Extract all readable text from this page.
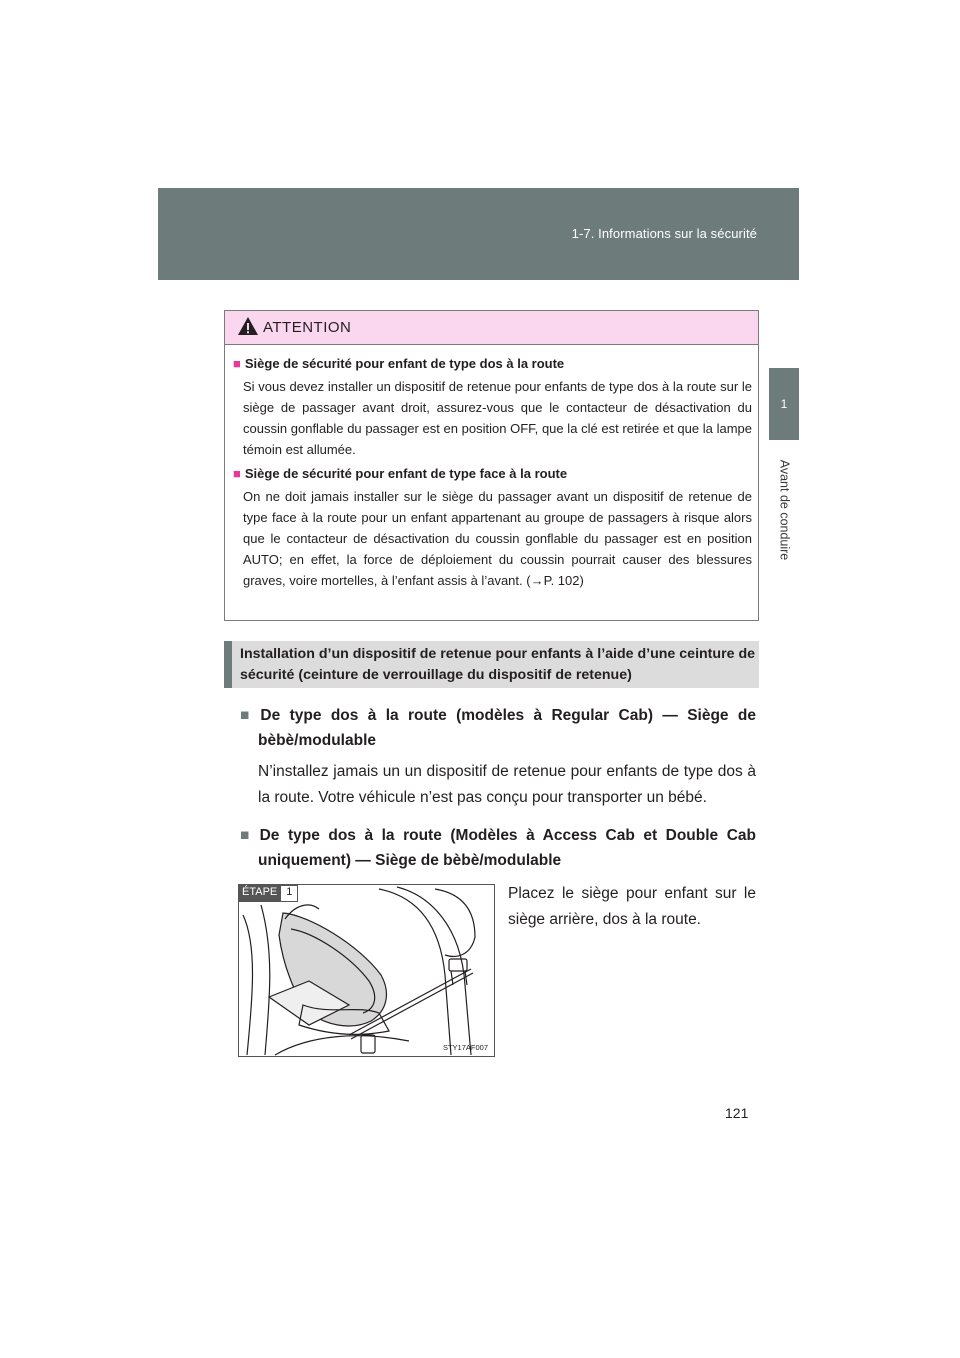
1-7. Informations sur la sécurité
1
Avant de conduire
ATTENTION
■ Siège de sécurité pour enfant de type dos à la route
Si vous devez installer un dispositif de retenue pour enfants de type dos à la route sur le siège de passager avant droit, assurez-vous que le contacteur de désactivation du coussin gonflable du passager est en position OFF, que la clé est retirée et que la lampe témoin est allumée.
■ Siège de sécurité pour enfant de type face à la route
On ne doit jamais installer sur le siège du passager avant un dispositif de retenue de type face à la route pour un enfant appartenant au groupe de passagers à risque alors que le contacteur de désactivation du coussin gonflable du passager est en position AUTO; en effet, la force de déploiement du coussin pourrait causer des blessures graves, voire mortelles, à l’enfant assis à l’avant. (→P. 102)
Installation d’un dispositif de retenue pour enfants à l’aide d’une ceinture de sécurité (ceinture de verrouillage du dispositif de retenue)
■ De type dos à la route (modèles à Regular Cab) — Siège de bèbè/modulable
N’installez jamais un un dispositif de retenue pour enfants de type dos à la route. Votre véhicule n’est pas conçu pour transporter un bébé.
■ De type dos à la route (Modèles à Access Cab et Double Cab uniquement) — Siège de bèbè/modulable
ÉTAPE 1
STY17AF007
Placez le siège pour enfant sur le siège arrière, dos à la route.
121
